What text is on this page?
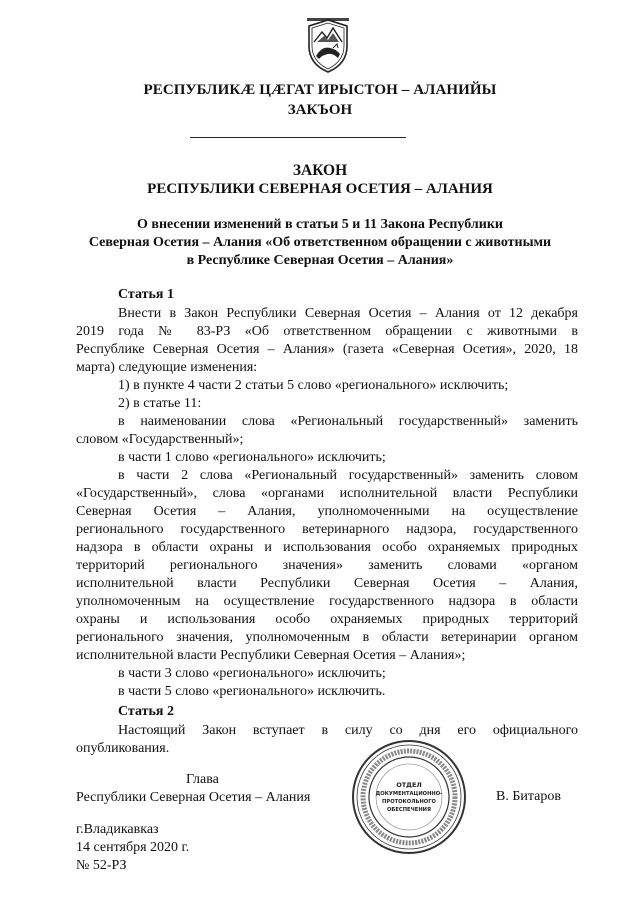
РЕСПУБЛИКӔ ЦӔГАТ ИРЫСТОН – АЛАНИЙЫ
ЗАКЪОН
ЗАКОН
РЕСПУБЛИКИ СЕВЕРНАЯ ОСЕТИЯ – АЛАНИЯ
О внесении изменений в статьи 5 и 11 Закона Республики
Северная Осетия – Алания «Об ответственном обращении с животными
в Республике Северная Осетия – Алания»
Статья 1
Внести в Закон Республики Северная Осетия – Алания от 12 декабря
2019 года № 83-РЗ «Об ответственном обращении с животными в
Республике Северная Осетия – Алания» (газета «Северная Осетия», 2020, 18
марта) следующие изменения:
1) в пункте 4 части 2 статьи 5 слово «регионального» исключить;
2) в статье 11:
в наименовании слова «Региональный государственный» заменить
словом «Государственный»;
в части 1 слово «регионального» исключить;
в части 2 слова «Региональный государственный» заменить словом
«Государственный», слова «органами исполнительной власти Республики
Северная Осетия – Алания, уполномоченными на осуществление
регионального государственного ветеринарного надзора, государственного
надзора в области охраны и использования особо охраняемых природных
территорий регионального значения» заменить словами «органом
исполнительной власти Республики Северная Осетия – Алания,
уполномоченным на осуществление государственного надзора в области
охраны и использования особо охраняемых природных территорий
регионального значения, уполномоченным в области ветеринарии органом
исполнительной власти Республики Северная Осетия – Алания»;
в части 3 слово «регионального» исключить;
в части 5 слово «регионального» исключить.
Статья 2
Настоящий Закон вступает в силу со дня его официального
опубликования.
Глава
Республики Северная Осетия – Алания
ОТДЕЛ
ДОКУМЕНТАЦИОННО-
ПРОТОКОЛЬНОГО
ОБЕСПЕЧЕНИЯ
В. Битаров
г.Владикавказ
14 сентября 2020 г.
№ 52-РЗ
